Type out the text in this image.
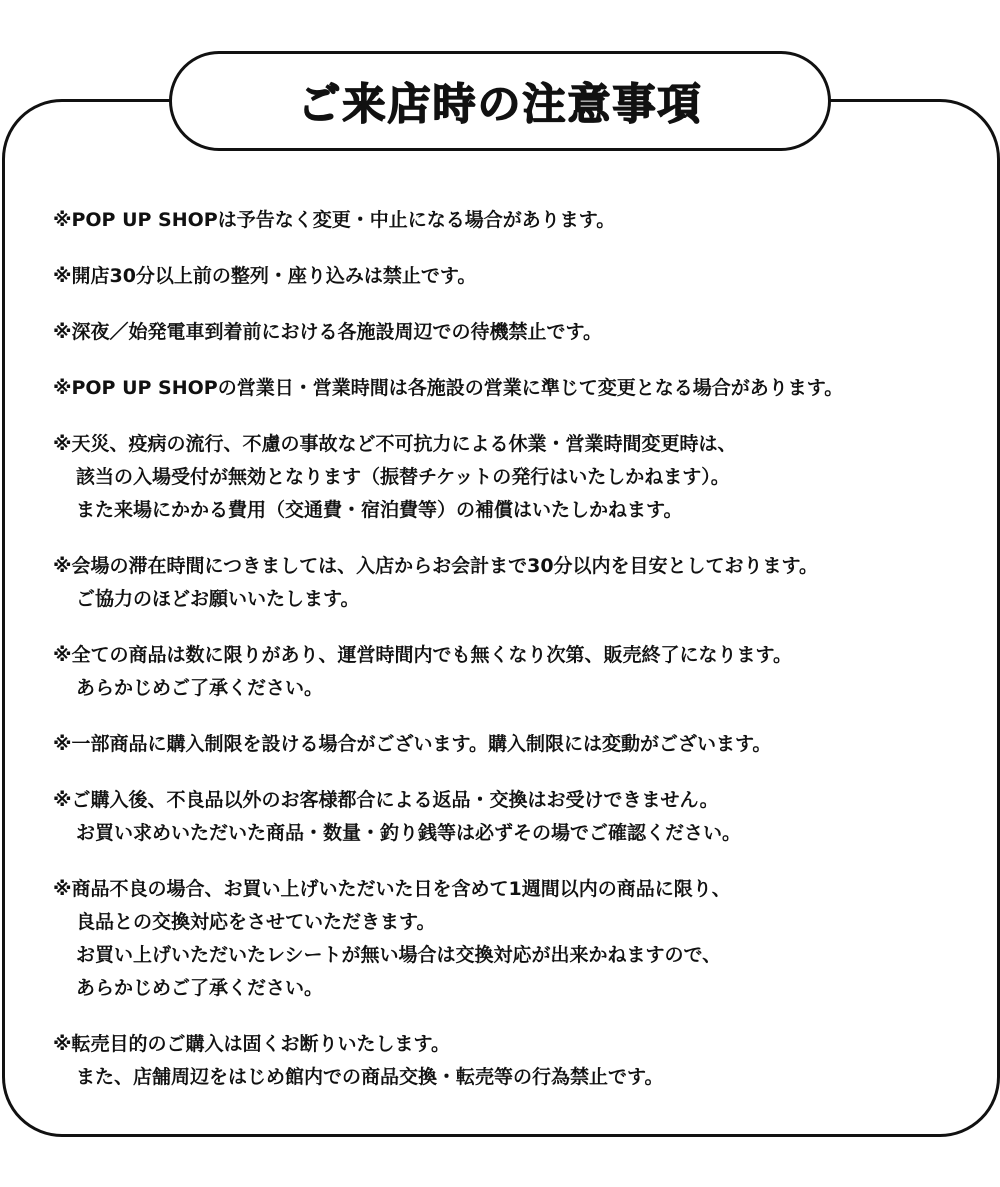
ご来店時の注意事項
※POP UP SHOPは予告なく変更・中止になる場合があります。
※開店30分以上前の整列・座り込みは禁止です。
※深夜／始発電車到着前における各施設周辺での待機禁止です。
※POP UP SHOPの営業日・営業時間は各施設の営業に準じて変更となる場合があります。
※天災、疫病の流行、不慮の事故など不可抗力による休業・営業時間変更時は、
該当の入場受付が無効となります（振替チケットの発行はいたしかねます）。
また来場にかかる費用（交通費・宿泊費等）の補償はいたしかねます。
※会場の滞在時間につきましては、入店からお会計まで30分以内を目安としております。
ご協力のほどお願いいたします。
※全ての商品は数に限りがあり、運営時間内でも無くなり次第、販売終了になります。
あらかじめご了承ください。
※一部商品に購入制限を設ける場合がございます。購入制限には変動がございます。
※ご購入後、不良品以外のお客様都合による返品・交換はお受けできません。
お買い求めいただいた商品・数量・釣り銭等は必ずその場でご確認ください。
※商品不良の場合、お買い上げいただいた日を含めて1週間以内の商品に限り、
良品との交換対応をさせていただきます。
お買い上げいただいたレシートが無い場合は交換対応が出来かねますので、
あらかじめご了承ください。
※転売目的のご購入は固くお断りいたします。
また、店舗周辺をはじめ館内での商品交換・転売等の行為禁止です。
